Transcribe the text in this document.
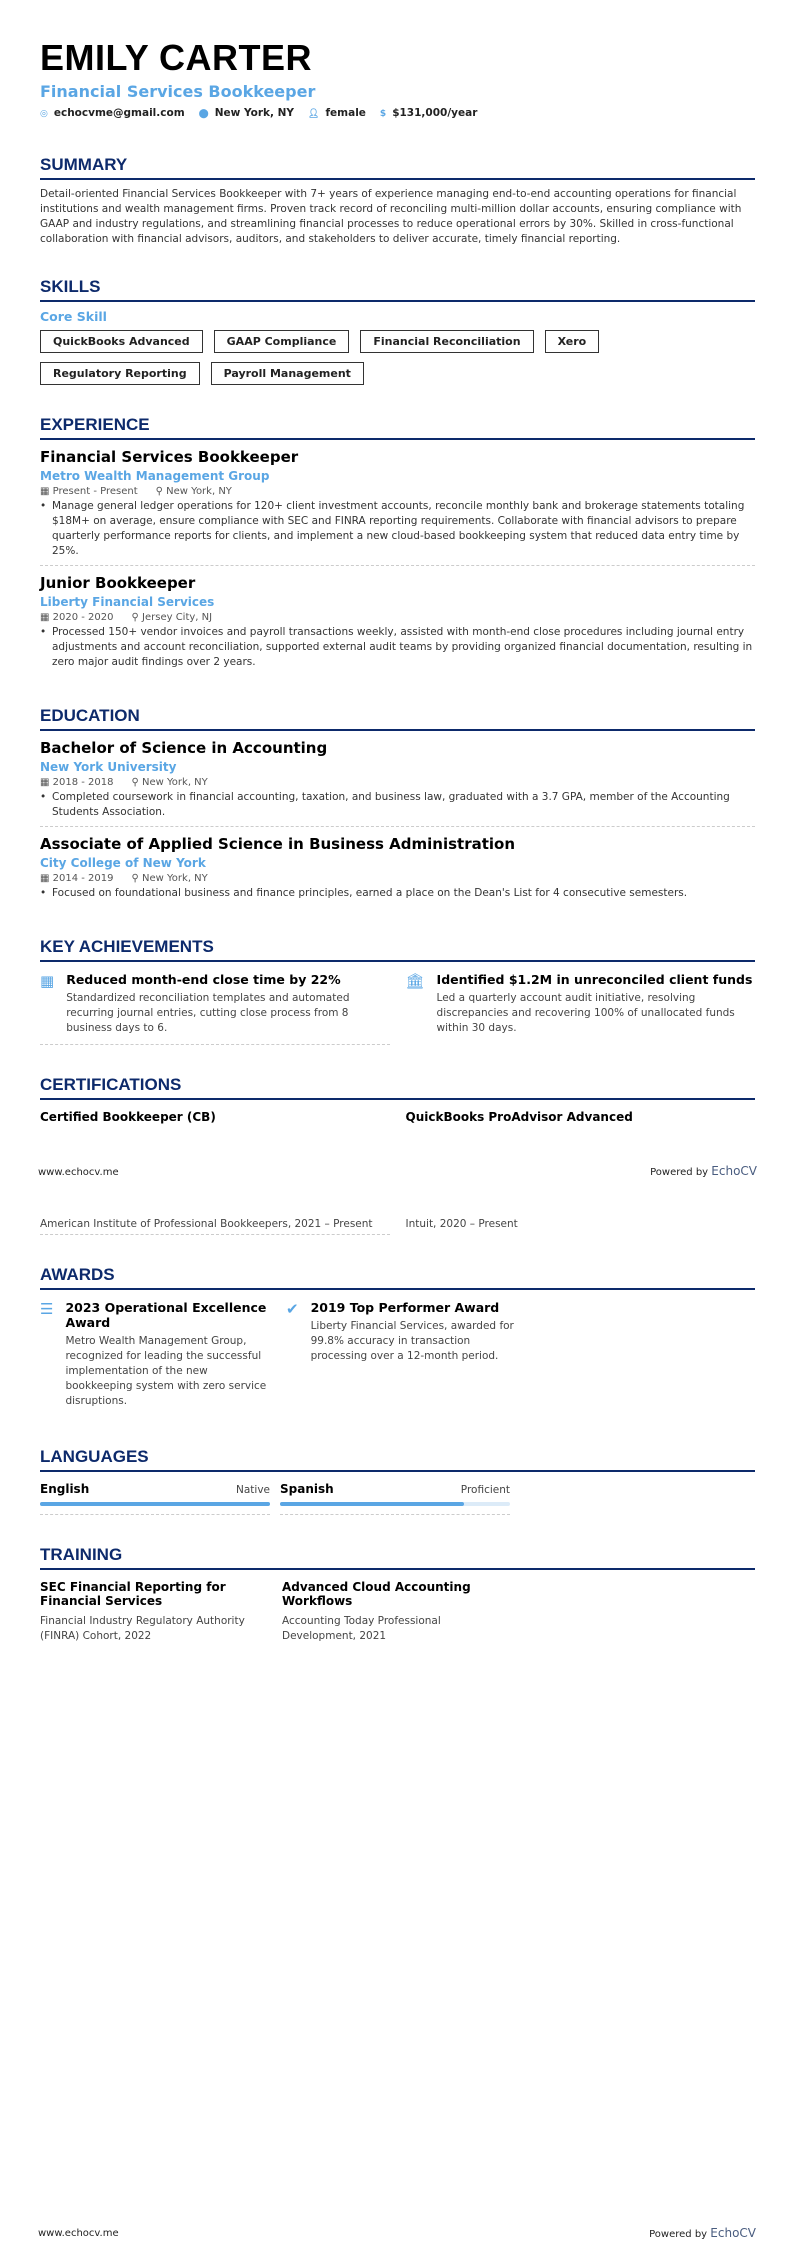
EMILY CARTER
Financial Services Bookkeeper
◎ echocvme@gmail.com ⬤ New York, NY 👤︎ female $ $131,000/year
SUMMARY
Detail-oriented Financial Services Bookkeeper with 7+ years of experience managing end-to-end accounting operations for financial institutions and wealth management firms. Proven track record of reconciling multi-million dollar accounts, ensuring compliance with GAAP and industry regulations, and streamlining financial processes to reduce operational errors by 30%. Skilled in cross-functional collaboration with financial advisors, auditors, and stakeholders to deliver accurate, timely financial reporting.
SKILLS
Core Skill
QuickBooks Advanced	GAAP Compliance	Financial Reconciliation	Xero
Regulatory Reporting	Payroll Management
EXPERIENCE
Financial Services Bookkeeper
Metro Wealth Management Group
▦ Present - Present ⚲ New York, NY
• Manage general ledger operations for 120+ client investment accounts, reconcile monthly bank and brokerage statements totaling $18M+ on average, ensure compliance with SEC and FINRA reporting requirements. Collaborate with financial advisors to prepare quarterly performance reports for clients, and implement a new cloud-based bookkeeping system that reduced data entry time by 25%.
Junior Bookkeeper
Liberty Financial Services
▦ 2020 - 2020 ⚲ Jersey City, NJ
• Processed 150+ vendor invoices and payroll transactions weekly, assisted with month-end close procedures including journal entry adjustments and account reconciliation, supported external audit teams by providing organized financial documentation, resulting in zero major audit findings over 2 years.
EDUCATION
Bachelor of Science in Accounting
New York University
▦ 2018 - 2018 ⚲ New York, NY
• Completed coursework in financial accounting, taxation, and business law, graduated with a 3.7 GPA, member of the Accounting Students Association.
Associate of Applied Science in Business Administration
City College of New York
▦ 2014 - 2019 ⚲ New York, NY
• Focused on foundational business and finance principles, earned a place on the Dean's List for 4 consecutive semesters.
KEY ACHIEVEMENTS
▦ Reduced month-end close time by 22%
Standardized reconciliation templates and automated recurring journal entries, cutting close process from 8 business days to 6.
🏛︎ Identified $1.2M in unreconciled client funds
Led a quarterly account audit initiative, resolving discrepancies and recovering 100% of unallocated funds within 30 days.
CERTIFICATIONS
Certified Bookkeeper (CB)	QuickBooks ProAdvisor Advanced
www.echocv.me	Powered by EchoCV
American Institute of Professional Bookkeepers, 2021 – Present	Intuit, 2020 – Present
AWARDS
☰ 2023 Operational Excellence Award
Metro Wealth Management Group, recognized for leading the successful implementation of the new bookkeeping system with zero service disruptions.
✔ 2019 Top Performer Award
Liberty Financial Services, awarded for 99.8% accuracy in transaction processing over a 12-month period.
LANGUAGES
English	Native Spanish	Proficient
TRAINING
SEC Financial Reporting for Financial Services
Financial Industry Regulatory Authority (FINRA) Cohort, 2022
Advanced Cloud Accounting Workflows
Accounting Today Professional Development, 2021
www.echocv.me	Powered by EchoCV
